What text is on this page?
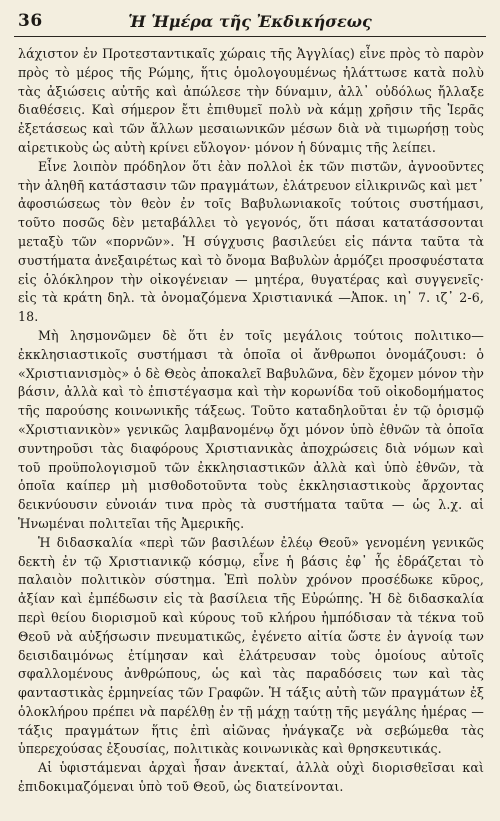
36	Ἡ Ἡμέρα τῆς Ἐκδικήσεως

λάχιστον ἐν Προτεσταντικαῖς χώραις τῆς Ἀγγλίας) εἶνε πρὸς τὸ παρὸν πρὸς τὸ μέρος τῆς Ρώμης, ἥτις ὁμολογουμένως ἠλάττωσε κατὰ πολὺ τὰς ἀξιώσεις αὐτῆς καὶ ἀπώλεσε τὴν δύναμιν, ἀλλ᾽ οὐδόλως ἤλλαξε διαθέσεις. Καὶ σήμερον ἔτι ἐπιθυμεῖ πολὺ νὰ κάμῃ χρῆσιν τῆς Ἱερᾶς ἐξετάσεως καὶ τῶν ἄλλων μεσαιωνικῶν μέσων διὰ νὰ τιμωρήσῃ τοὺς αἱρετικοὺς ὡς αὐτὴ κρίνει εὔλογον· μόνον ἡ δύναμις τῆς λείπει.

Εἶνε λοιπὸν πρόδηλον ὅτι ἐὰν πολλοὶ ἐκ τῶν πιστῶν, ἀγνοοῦντες τὴν ἀληθῆ κατάστασιν τῶν πραγμάτων, ἐλάτρευον εἰλικρινῶς καὶ μετ᾽ ἀφοσιώσεως τὸν θεὸν ἐν τοῖς Βαβυλωνιακοῖς τούτοις συστήμασι, τοῦτο ποσῶς δὲν μεταβάλλει τὸ γεγονός, ὅτι πάσαι κατατάσσονται μεταξὺ τῶν «πορνῶν». Ἡ σύγχυσις βασιλεύει εἰς πάντα ταῦτα τὰ συστήματα ἀνεξαιρέτως καὶ τὸ ὄνομα Βαβυλὼν ἁρμόζει προσφυέστατα εἰς ὁλόκληρον τὴν οἰκογένειαν — μητέρα, θυγατέρας καὶ συγγενεῖς· εἰς τὰ κράτη δηλ. τὰ ὀνομαζόμενα Χριστιανικά —Ἀποκ. ιη᾽ 7. ιζ᾽ 2-6, 18.

Μὴ λησμονῶμεν δὲ ὅτι ἐν τοῖς μεγάλοις τούτοις πολιτικο—ἐκκλησιαστικοῖς συστήμασι τὰ ὁποῖα οἱ ἄνθρωποι ὀνομάζουσι: ὁ «Χριστιανισμὸς» ὁ δὲ Θεὸς ἀποκαλεῖ Βαβυλῶνα, δὲν ἔχομεν μόνον τὴν βάσιν, ἀλλὰ καὶ τὸ ἐπιστέγασμα καὶ τὴν κορωνίδα τοῦ οἰκοδομήματος τῆς παρούσης κοινωνικῆς τάξεως. Τοῦτο καταδηλοῦται ἐν τῷ ὁρισμῷ «Χριστιανικὸν» γενικῶς λαμβανομένῳ ὄχι μόνον ὑπὸ ἐθνῶν τὰ ὁποῖα συντηροῦσι τὰς διαφόρους Χριστιανικὰς ἀποχρώσεις διὰ νόμων καὶ τοῦ προϋπολογισμοῦ τῶν ἐκκλησιαστικῶν ἀλλὰ καὶ ὑπὸ ἐθνῶν, τὰ ὁποῖα καίπερ μὴ μισθοδοτοῦντα τοὺς ἐκκλησιαστικοὺς ἄρχοντας δεικνύουσιν εὐνοιάν τινα πρὸς τὰ συστήματα ταῦτα — ὡς λ.χ. αἱ Ἡνωμέναι πολιτεῖαι τῆς Ἀμερικῆς.

Ἡ διδασκαλία «περὶ τῶν βασιλέων ἐλέῳ Θεοῦ» γενομένη γενικῶς δεκτὴ ἐν τῷ Χριστιανικῷ κόσμῳ, εἶνε ἡ βάσις ἐφ᾽ ἧς ἑδράζεται τὸ παλαιὸν πολιτικὸν σύστημα. Ἐπὶ πολὺν χρόνον προσέδωκε κῦρος, ἀξίαν καὶ ἐμπέδωσιν εἰς τὰ βασίλεια τῆς Εὐρώπης. Ἡ δὲ διδασκαλία περὶ θείου διορισμοῦ καὶ κύρους τοῦ κλήρου ἠμπόδισαν τὰ τέκνα τοῦ Θεοῦ νὰ αὐξήσωσιν πνευματικῶς, ἐγένετο αἰτία ὥστε ἐν ἀγνοίᾳ των δεισιδαιμόνως ἐτίμησαν καὶ ἐλάτρευσαν τοὺς ὁμοίους αὐτοῖς σφαλλομένους ἀνθρώπους, ὡς καὶ τὰς παραδόσεις των καὶ τὰς φανταστικὰς ἑρμηνείας τῶν Γραφῶν. Ἡ τάξις αὐτὴ τῶν πραγμάτων ἐξ ὁλοκλήρου πρέπει νὰ παρέλθῃ ἐν τῇ μάχῃ ταύτῃ τῆς μεγάλης ἡμέρας — τάξις πραγμάτων ἥτις ἐπὶ αἰῶνας ἠνάγκαζε νὰ σεβώμεθα τὰς ὑπερεχούσας ἐξουσίας, πολιτικὰς κοινωνικὰς καὶ θρησκευτικάς.

Αἱ ὑφιστάμεναι ἀρχαὶ ἦσαν ἀνεκταί, ἀλλὰ οὐχὶ διορισθεῖσαι καὶ ἐπιδοκιμαζόμεναι ὑπὸ τοῦ Θεοῦ, ὡς διατείνονται.
